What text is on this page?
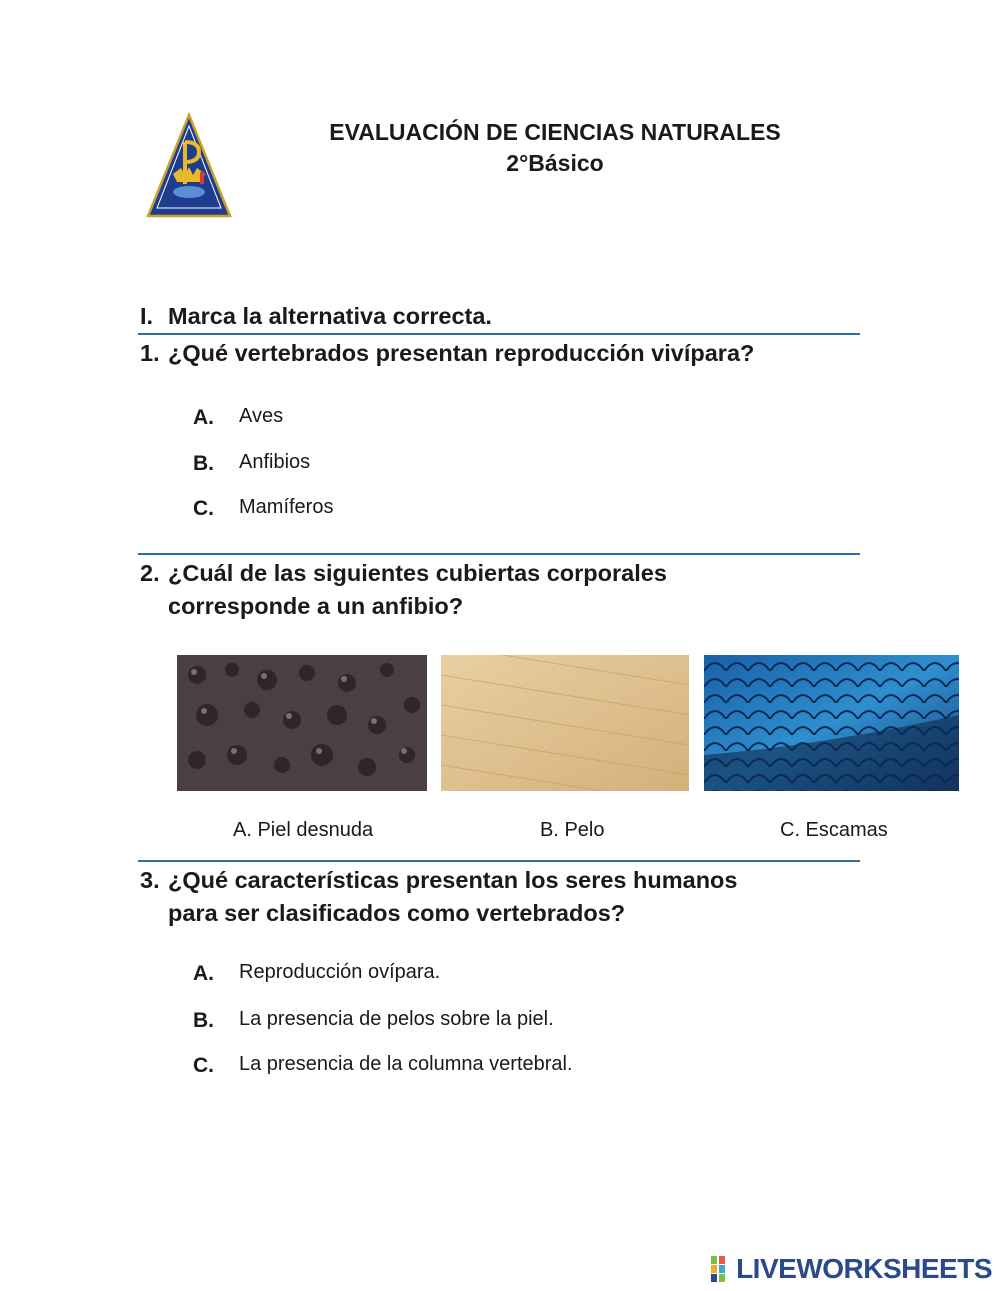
EVALUACIÓN DE CIENCIAS NATURALES
2°Básico
I. Marca la alternativa correcta.
1. ¿Qué vertebrados presentan reproducción vivípara?
A. Aves
B. Anfibios
C. Mamíferos
2. ¿Cuál de las siguientes cubiertas corporales
corresponde a un anfibio?
A. Piel desnuda	B. Pelo	C. Escamas
3. ¿Qué características presentan los seres humanos
para ser clasificados como vertebrados?
A. Reproducción ovípara.
B. La presencia de pelos sobre la piel.
C. La presencia de la columna vertebral.
LIVEWORKSHEETS
